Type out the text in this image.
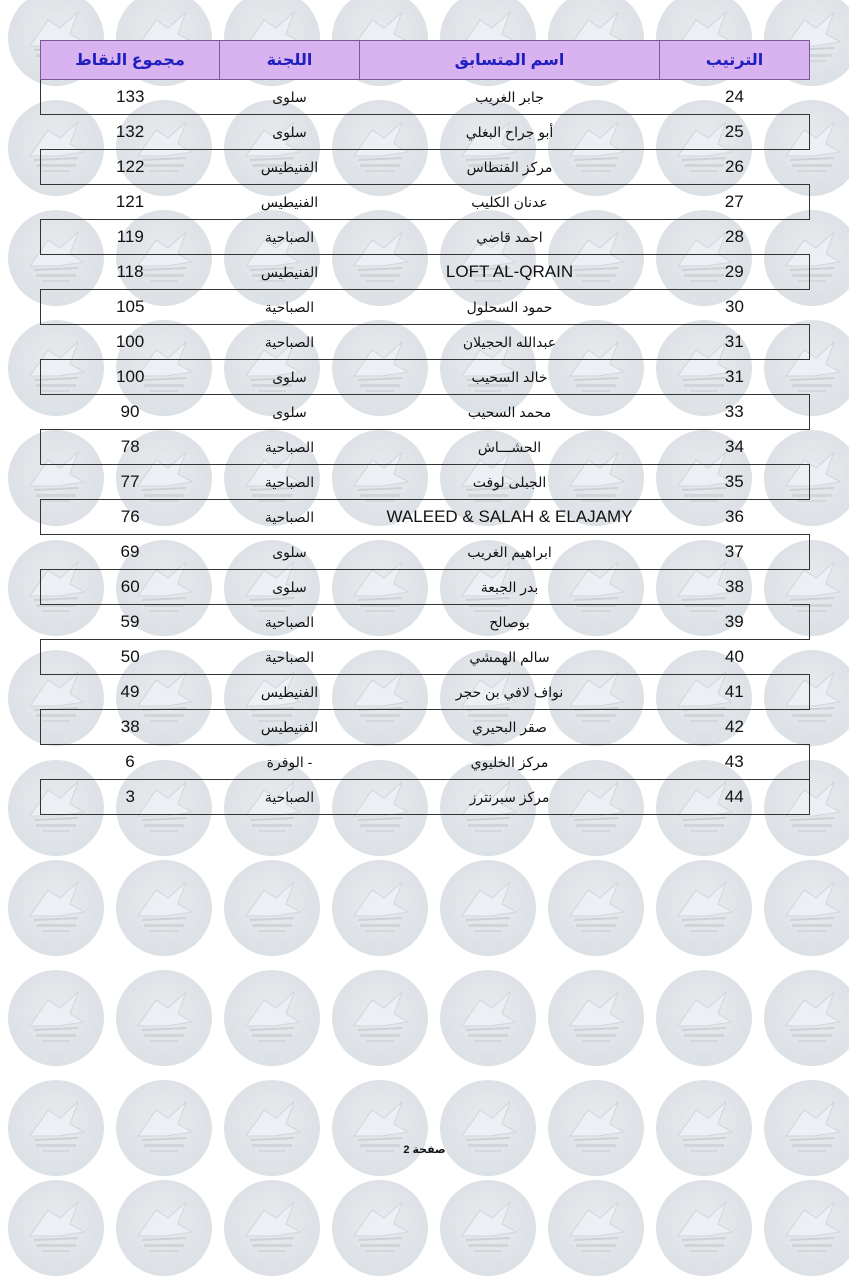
الترتيب	اسم المتسابق	اللجنة	مجموع النقاط
24	جابر الغريب	سلوى	133
25	أبو جراح البغلي	سلوى	132
26	مركز الفنطاس	الفنيطيس	122
27	عدنان الكليب	الفنيطيس	121
28	احمد قاضي	الصباحية	119
29	LOFT AL-QRAIN	الفنيطيس	118
30	حمود السحلول	الصباحية	105
31	عبدالله الحجيلان	الصباحية	100
31	خالد السحيب	سلوى	100
33	محمد السحيب	سلوى	90
34	الحشـــاش	الصباحية	78
35	الجبلى لوفت	الصباحية	77
36	WALEED & SALAH & ELAJAMY	الصباحية	76
37	ابراهيم الغريب	سلوى	69
38	بدر الجبعة	سلوى	60
39	بوصالح	الصباحية	59
40	سالم الهمشي	الصباحية	50
41	نواف لافي بن حجر	الفنيطيس	49
42	صقر البحيري	الفنيطيس	38
43	مركز الخليوي	- الوفرة	6
44	مركز سبرنترز	الصباحية	3
صفحة 2
